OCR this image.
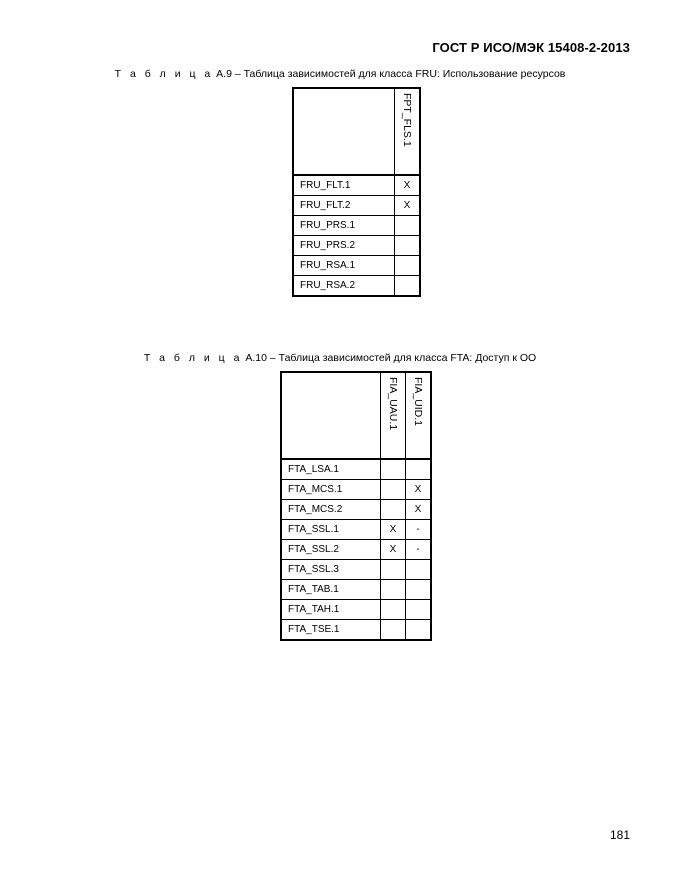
ГОСТ Р ИСО/МЭК 15408-2-2013
Т а б л и ц а А.9 – Таблица зависимостей для класса FRU: Использование ресурсов

	FPT_FLS.1

FRU_FLT.1	X
FRU_FLT.2	X
FRU_PRS.1	
FRU_PRS.2	
FRU_RSA.1	
FRU_RSA.2	
Т а б л и ц а А.10 – Таблица зависимостей для класса FTA: Доступ к ОО

	FIA_UAU.1	FIA_UID.1

FTA_LSA.1		
FTA_MCS.1		X
FTA_MCS.2		X
FTA_SSL.1	X	-
FTA_SSL.2	X	-
FTA_SSL.3		
FTA_TAB.1		
FTA_TAH.1		
FTA_TSE.1		
181
